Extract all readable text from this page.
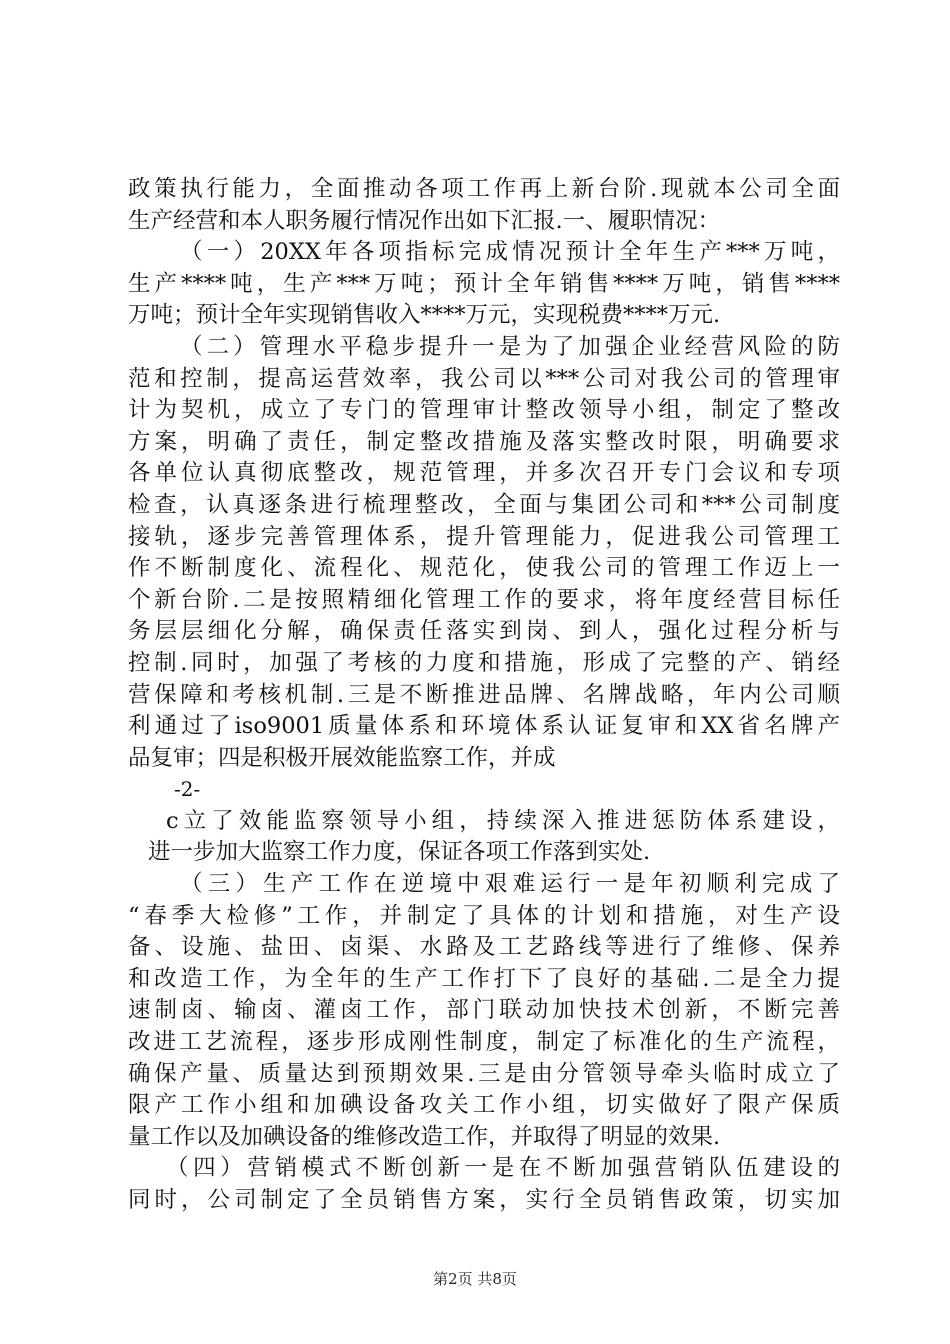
政策执行能力，全面推动各项工作再上新台阶.现就本公司全面
生产经营和本人职务履行情况作出如下汇报.一、履职情况：
（一）20XX年各项指标完成情况预计全年生产***万吨，
生产****吨，生产***万吨；预计全年销售****万吨，销售****
万吨；预计全年实现销售收入****万元，实现税费****万元.
（二）管理水平稳步提升一是为了加强企业经营风险的防
范和控制，提高运营效率，我公司以***公司对我公司的管理审
计为契机，成立了专门的管理审计整改领导小组，制定了整改
方案，明确了责任，制定整改措施及落实整改时限，明确要求
各单位认真彻底整改，规范管理，并多次召开专门会议和专项
检查，认真逐条进行梳理整改，全面与集团公司和***公司制度
接轨，逐步完善管理体系，提升管理能力，促进我公司管理工
作不断制度化、流程化、规范化，使我公司的管理工作迈上一
个新台阶.二是按照精细化管理工作的要求，将年度经营目标任
务层层细化分解，确保责任落实到岗、到人，强化过程分析与
控制.同时，加强了考核的力度和措施，形成了完整的产、销经
营保障和考核机制.三是不断推进品牌、名牌战略，年内公司顺
利通过了iso9001质量体系和环境体系认证复审和XX省名牌产
品复审；四是积极开展效能监察工作，并成
-2-
c立了效能监察领导小组，持续深入推进惩防体系建设，
进一步加大监察工作力度，保证各项工作落到实处.
（三）生产工作在逆境中艰难运行一是年初顺利完成了
“春季大检修”工作，并制定了具体的计划和措施，对生产设
备、设施、盐田、卤渠、水路及工艺路线等进行了维修、保养
和改造工作，为全年的生产工作打下了良好的基础.二是全力提
速制卤、输卤、灌卤工作，部门联动加快技术创新，不断完善
改进工艺流程，逐步形成刚性制度，制定了标准化的生产流程，
确保产量、质量达到预期效果.三是由分管领导牵头临时成立了
限产工作小组和加碘设备攻关工作小组，切实做好了限产保质
量工作以及加碘设备的维修改造工作，并取得了明显的效果.
（四）营销模式不断创新一是在不断加强营销队伍建设的
同时，公司制定了全员销售方案，实行全员销售政策，切实加
第2页 共8页
